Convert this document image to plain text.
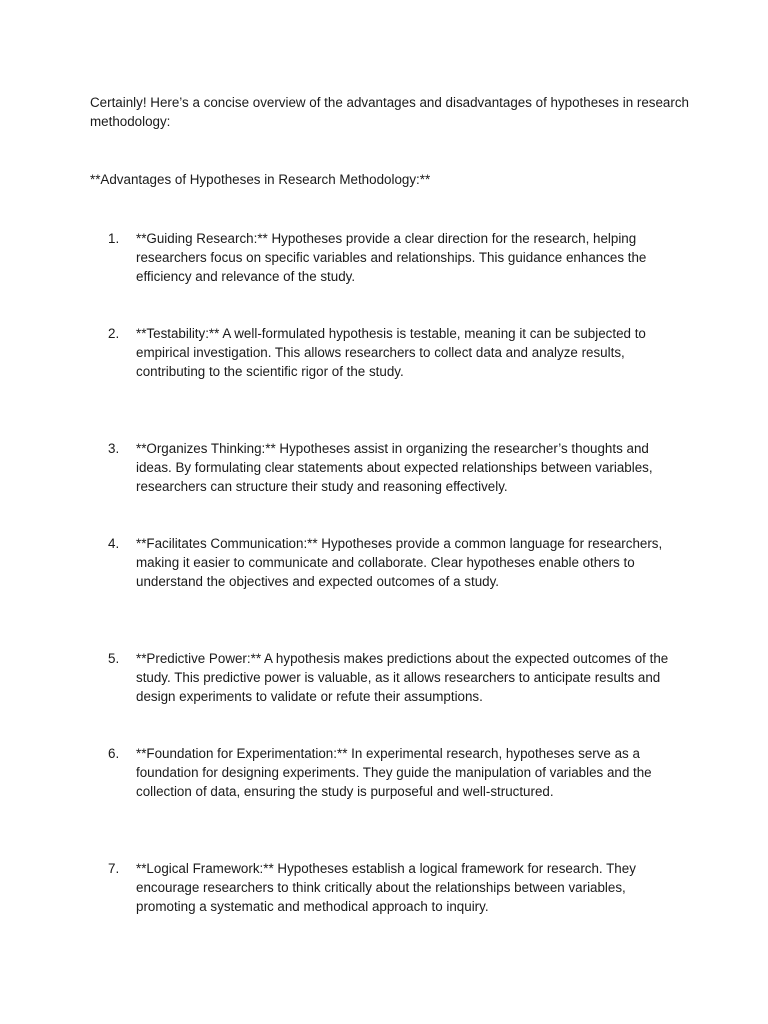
Certainly! Here’s a concise overview of the advantages and disadvantages of hypotheses in research methodology:

**Advantages of Hypotheses in Research Methodology:**

1.	**Guiding Research:** Hypotheses provide a clear direction for the research, helping researchers focus on specific variables and relationships. This guidance enhances the efficiency and relevance of the study.
2.	**Testability:** A well-formulated hypothesis is testable, meaning it can be subjected to empirical investigation. This allows researchers to collect data and analyze results, contributing to the scientific rigor of the study.
3.	**Organizes Thinking:** Hypotheses assist in organizing the researcher’s thoughts and ideas. By formulating clear statements about expected relationships between variables, researchers can structure their study and reasoning effectively.
4.	**Facilitates Communication:** Hypotheses provide a common language for researchers, making it easier to communicate and collaborate. Clear hypotheses enable others to understand the objectives and expected outcomes of a study.
5.	**Predictive Power:** A hypothesis makes predictions about the expected outcomes of the study. This predictive power is valuable, as it allows researchers to anticipate results and design experiments to validate or refute their assumptions.
6.	**Foundation for Experimentation:** In experimental research, hypotheses serve as a foundation for designing experiments. They guide the manipulation of variables and the collection of data, ensuring the study is purposeful and well-structured.
7.	**Logical Framework:** Hypotheses establish a logical framework for research. They encourage researchers to think critically about the relationships between variables, promoting a systematic and methodical approach to inquiry.
